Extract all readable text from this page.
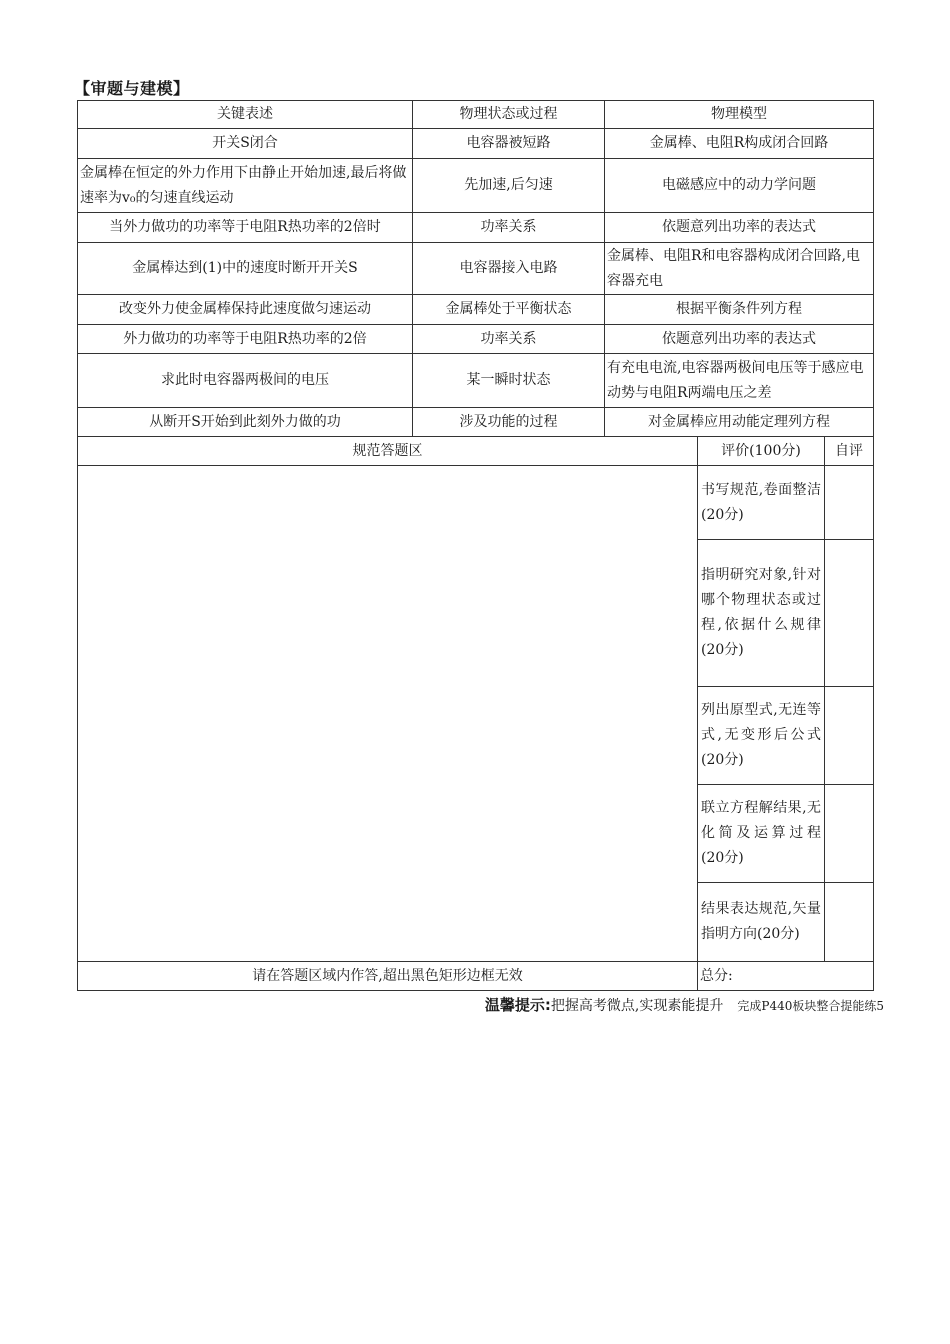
【审题与建模】
关键表述	物理状态或过程	物理模型
开关S闭合	电容器被短路	金属棒、电阻R构成闭合回路
金属棒在恒定的外力作用下由静止开始加速,最后将做速率为v₀的匀速直线运动	先加速,后匀速	电磁感应中的动力学问题
当外力做功的功率等于电阻R热功率的2倍时	功率关系	依题意列出功率的表达式
金属棒达到(1)中的速度时断开开关S	电容器接入电路	金属棒、电阻R和电容器构成闭合回路,电容器充电
改变外力使金属棒保持此速度做匀速运动	金属棒处于平衡状态	根据平衡条件列方程
外力做功的功率等于电阻R热功率的2倍	功率关系	依题意列出功率的表达式
求此时电容器两极间的电压	某一瞬时状态	有充电电流,电容器两极间电压等于感应电动势与电阻R两端电压之差
从断开S开始到此刻外力做的功	涉及功能的过程	对金属棒应用动能定理列方程
规范答题区	评价(100分)	自评
	书写规范,卷面整洁(20分)	
	指明研究对象,针对哪个物理状态或过程,依据什么规律(20分)	
	列出原型式,无连等式,无变形后公式(20分)	
	联立方程解结果,无化简及运算过程(20分)	
	结果表达规范,矢量指明方向(20分)	
请在答题区域内作答,超出黑色矩形边框无效	总分:	
温馨提示:把握高考微点,实现素能提升 完成P440板块整合提能练5
